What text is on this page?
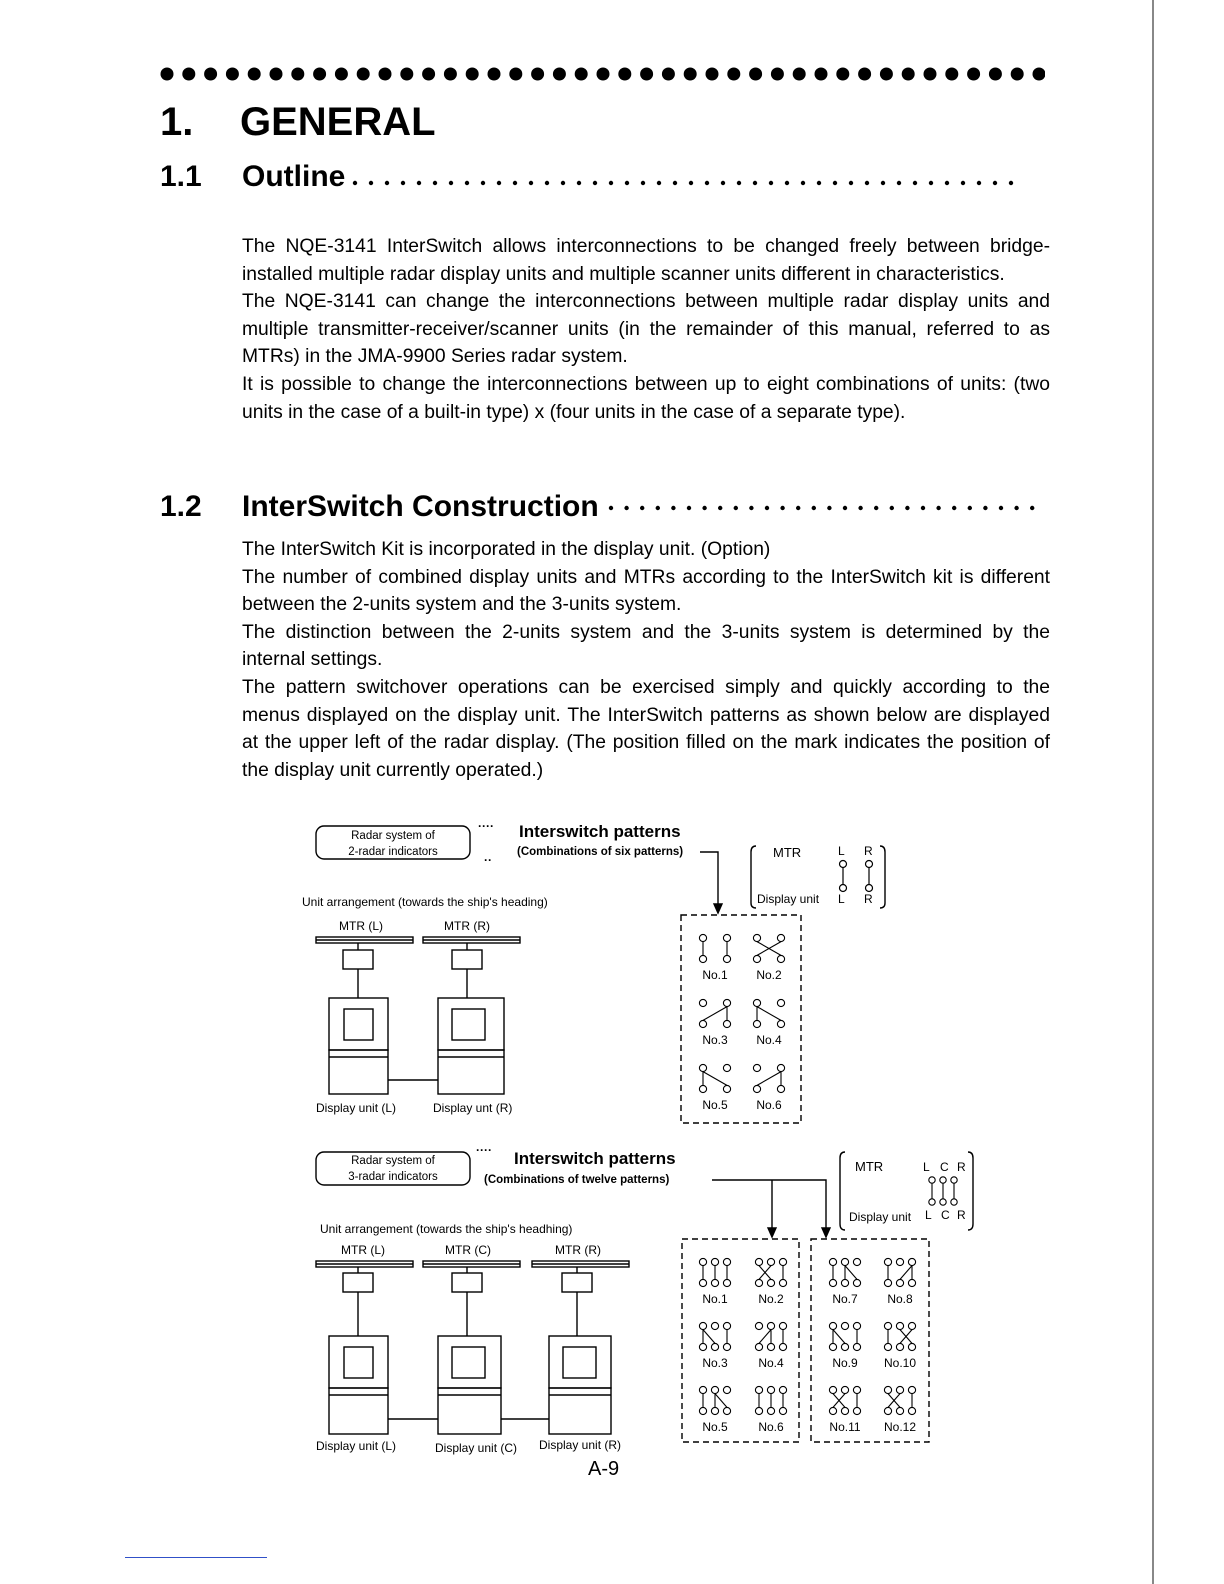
1. GENERAL
1.1 Outline

The NQE-3141 InterSwitch allows interconnections to be changed freely between bridge-installed multiple radar display units and multiple scanner units different in characteristics.

The NQE-3141 can change the interconnections between multiple radar display units and multiple transmitter-receiver/scanner units (in the remainder of this manual, referred to as MTRs) in the JMA-9900 Series radar system.

It is possible to change the interconnections between up to eight combinations of units: (two units in the case of a built-in type) x (four units in the case of a separate type).

1.2 InterSwitch Construction

The InterSwitch Kit is incorporated in the display unit. (Option)

The number of combined display units and MTRs according to the InterSwitch kit is different between the 2-units system and the 3-units system.

The distinction between the 2-units system and the 3-units system is determined by the internal settings.

The pattern switchover operations can be exercised simply and quickly according to the menus displayed on the display unit. The InterSwitch patterns as shown below are displayed at the upper left of the radar display. (The position filled on the mark indicates the position of the display unit currently operated.)

Radar system of
2-radar indicators
····
··
Interswitch patterns
(Combinations of six patterns)	MTR
Display unit
L R
L R
Unit arrangement (towards the ship's heading)
MTR (L)	MTR (R)
Display unit (L)	Display unt (R)
No.1 No.2
No.3 No.4
No.5 No.6
Radar system of
3-radar indicators
···· Interswitch patterns
(Combinations of twelve patterns)
MTR
Display unit
L C R
L C R
Unit arrangement (towards the ship's headhing)
MTR (L)	MTR (C)	MTR (R)
Display unit (L)	Display unit (C) Display unit (R)
No.1	No.2
No.3	No.4
No.5	No.6
No.7 No.8
No.9 No.10
No.11 No.12
A-9
